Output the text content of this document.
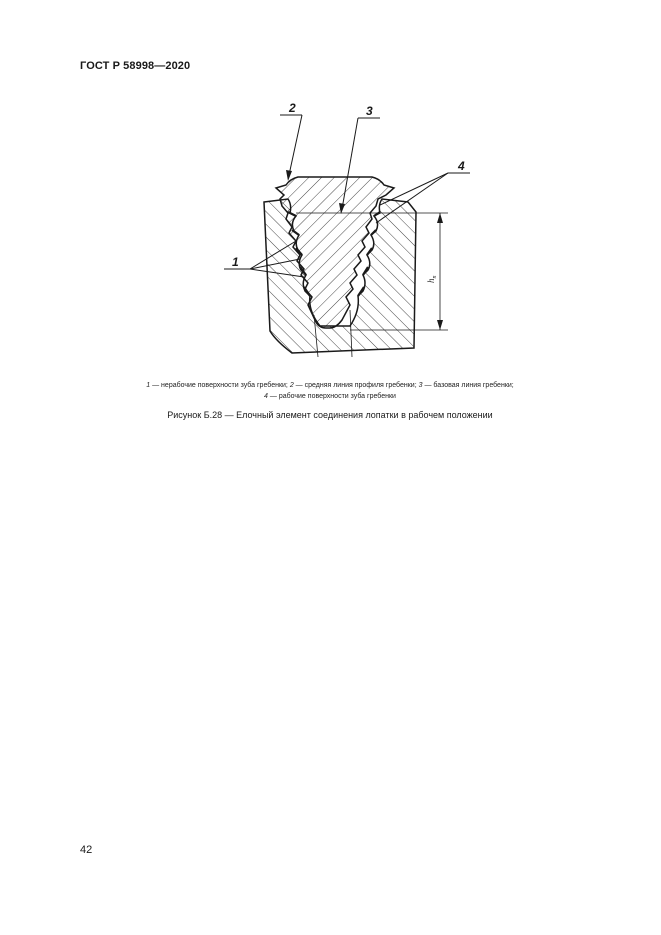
ГОСТ Р 58998—2020
$h_п$
2	3
4
1
1 — нерабочие поверхности зуба гребенки; 2 — средняя линия профиля гребенки; 3 — базовая линия гребенки;
4 — рабочие поверхности зуба гребенки
Рисунок Б.28 — Елочный элемент соединения лопатки в рабочем положении
42
